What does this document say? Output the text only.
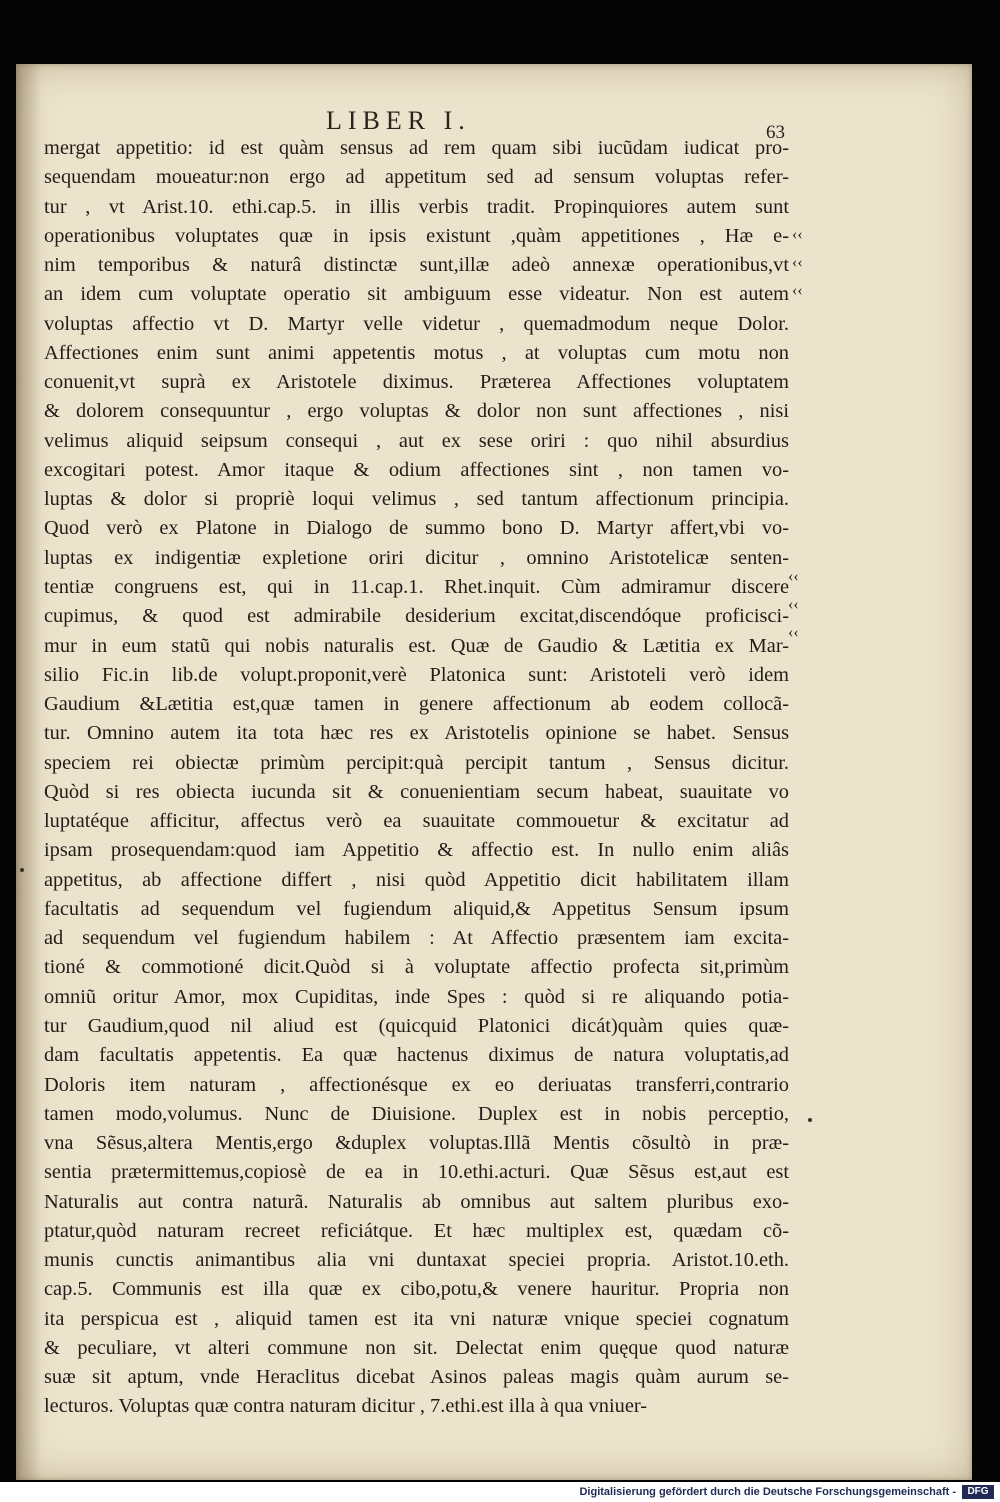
LIBER I.	63
mergat appetitio: id est quàm sensus ad rem quam sibi iucũdam iudicat pro-
sequendam moueatur:non ergo ad appetitum sed ad sensum voluptas refer-
tur , vt Arist.10. ethi.cap.5. in illis verbis tradit. Propinquiores autem sunt
operationibus voluptates quæ in ipsis existunt ,quàm appetitiones , Hæ e-
nim temporibus & naturâ distinctæ sunt,illæ adeò annexæ operationibus,vt
an idem cum voluptate operatio sit ambiguum esse videatur. Non est autem
voluptas affectio vt D. Martyr velle videtur , quemadmodum neque Dolor.
Affectiones enim sunt animi appetentis motus , at voluptas cum motu non
conuenit,vt suprà ex Aristotele diximus. Præterea Affectiones voluptatem
& dolorem consequuntur , ergo voluptas & dolor non sunt affectiones , nisi
velimus aliquid seipsum consequi , aut ex sese oriri : quo nihil absurdius
excogitari potest. Amor itaque & odium affectiones sint , non tamen vo-
luptas & dolor si propriè loqui velimus , sed tantum affectionum principia.
Quod verò ex Platone in Dialogo de summo bono D. Martyr affert,vbi vo-
luptas ex indigentiæ expletione oriri dicitur , omnino Aristotelicæ senten-
tentiæ congruens est, qui in 11.cap.1. Rhet.inquit. Cùm admiramur discere
cupimus, & quod est admirabile desiderium excitat,discendóque proficisci-
mur in eum statũ qui nobis naturalis est. Quæ de Gaudio & Lætitia ex Mar-
silio Fic.in lib.de volupt.proponit,verè Platonica sunt: Aristoteli verò idem
Gaudium &Lætitia est,quæ tamen in genere affectionum ab eodem collocã-
tur. Omnino autem ita tota hæc res ex Aristotelis opinione se habet. Sensus
speciem rei obiectæ primùm percipit:quà percipit tantum , Sensus dicitur.
Quòd si res obiecta iucunda sit & conuenientiam secum habeat, suauitate vo
luptatéque afficitur, affectus verò ea suauitate commouetur & excitatur ad
ipsam prosequendam:quod iam Appetitio & affectio est. In nullo enim aliâs
appetitus, ab affectione differt , nisi quòd Appetitio dicit habilitatem illam
facultatis ad sequendum vel fugiendum aliquid,& Appetitus Sensum ipsum
ad sequendum vel fugiendum habilem : At Affectio præsentem iam excita-
tioné & commotioné dicit.Quòd si à voluptate affectio profecta sit,primùm
omniũ oritur Amor, mox Cupiditas, inde Spes : quòd si re aliquando potia-
tur Gaudium,quod nil aliud est (quicquid Platonici dicát)quàm quies quæ-
dam facultatis appetentis. Ea quæ hactenus diximus de natura voluptatis,ad
Doloris item naturam , affectionésque ex eo deriuatas transferri,contrario
tamen modo,volumus. Nunc de Diuisione. Duplex est in nobis perceptio,
vna Sẽsus,altera Mentis,ergo &duplex voluptas.Illã Mentis cõsultò in præ-
sentia prætermittemus,copiosè de ea in 10.ethi.acturi. Quæ Sẽsus est,aut est
Naturalis aut contra naturã. Naturalis ab omnibus aut saltem pluribus exo-
ptatur,quòd naturam recreet reficiátque. Et hæc multiplex est, quædam cõ-
munis cunctis animantibus alia vni duntaxat speciei propria. Aristot.10.eth.
cap.5. Communis est illa quæ ex cibo,potu,& venere hauritur. Propria non
ita perspicua est , aliquid tamen est ita vni naturæ vnique speciei cognatum
& peculiare, vt alteri commune non sit. Delectat enim quęque quod naturæ
suæ sit aptum, vnde Heraclitus dicebat Asinos paleas magis quàm aurum se-
lecturos. Voluptas quæ contra naturam dicitur , 7.ethi.est illa à qua vniuer-
‹‹
‹‹
‹‹
‹‹
‹‹
‹‹
Digitalisierung gefördert durch die Deutsche Forschungsgemeinschaft -	DFG
